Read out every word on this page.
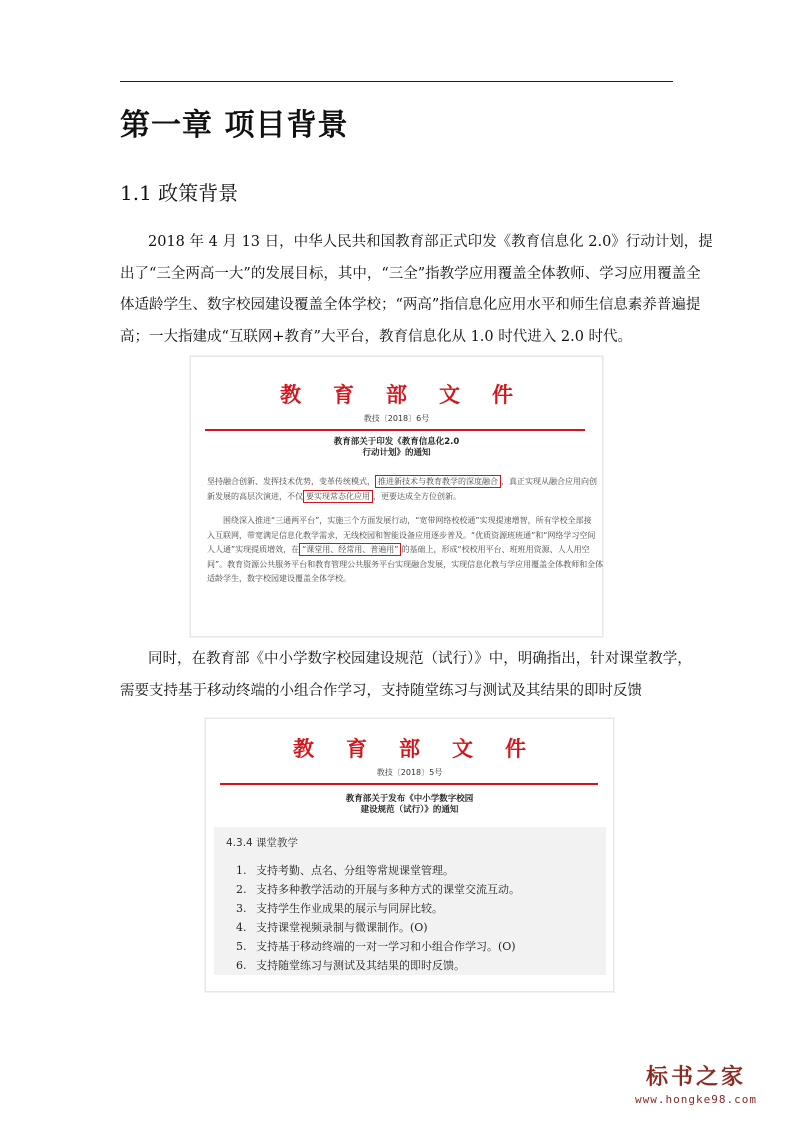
第一章 项目背景
1.1 政策背景
2018 年 4 月 13 日，中华人民共和国教育部正式印发《教育信息化 2.0》行动计划，提
出了“三全两高一大”的发展目标，其中，“三全”指教学应用覆盖全体教师、学习应用覆盖全
体适龄学生、数字校园建设覆盖全体学校；“两高”指信息化应用水平和师生信息素养普遍提
高；一大指建成“互联网+教育”大平台，教育信息化从 1.0 时代进入 2.0 时代。
教育部文件
教技〔2018〕6号
教育部关于印发《教育信息化2.0
行动计划》的通知
坚持融合创新、发挥技术优势，变革传统模式， 推进新技术与教育教学的深度融合 ，真正实现从融合应用向创
新发展的高层次演进，不仅 要实现常态化应用 ，更要达成全方位创新。
围绕深入推进“三通两平台”，实施三个方面发展行动，“宽带网络校校通”实现提速增智，所有学校全部接
入互联网，带宽满足信息化教学需求，无线校园和智能设备应用逐步普及。“优质资源班班通”和“网络学习空间
人人通”实现提质增效，在 “课堂用、经常用、普遍用” 的基础上，形成“校校用平台、班班用资源、人人用空
间”。教育资源公共服务平台和教育管理公共服务平台实现融合发展，实现信息化教与学应用覆盖全体教师和全体
适龄学生，数字校园建设覆盖全体学校。
同时，在教育部《中小学数字校园建设规范（试行）》中，明确指出，针对课堂教学，
需要支持基于移动终端的小组合作学习，支持随堂练习与测试及其结果的即时反馈
教育部文件
教技〔2018〕5号
教育部关于发布《中小学数字校园
建设规范（试行）》的通知
4.3.4 课堂教学
1. 支持考勤、点名、分组等常规课堂管理。
2. 支持多种教学活动的开展与多种方式的课堂交流互动。
3. 支持学生作业成果的展示与同屏比较。
4. 支持课堂视频录制与微课制作。(O)
5. 支持基于移动终端的一对一学习和小组合作学习。(O)
6. 支持随堂练习与测试及其结果的即时反馈。
标书之家
www.hongke98.com
